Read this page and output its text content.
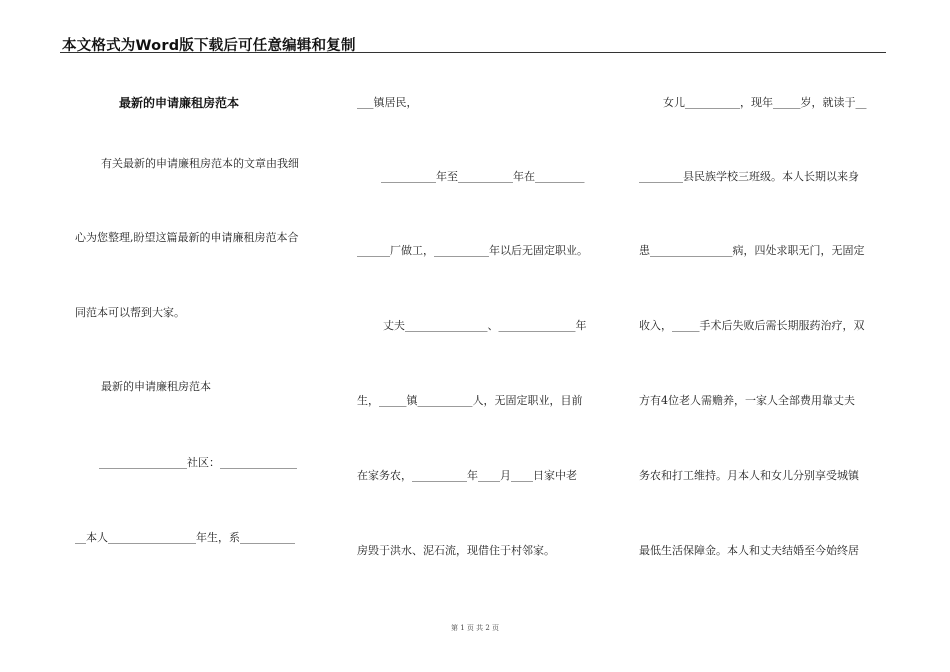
本文格式为Word版下载后可任意编辑和复制
最新的申请廉租房范本
有关最新的申请廉租房范本的文章由我细
心为您整理,盼望这篇最新的申请廉租房范本合
同范本可以帮到大家。
最新的申请廉租房范本
________________社区：______________
__本人________________年生，系__________
___镇居民，
__________年至__________年在_________
______厂做工，__________年以后无固定职业。
丈夫_______________、______________年
生，_____镇__________人，无固定职业，目前
在家务农，__________年____月____日家中老
房毁于洪水、泥石流，现借住于村邻家。
女儿__________，现年_____岁，就读于__
________县民族学校三班级。本人长期以来身
患_______________病，四处求职无门，无固定
收入，_____手术后失败后需长期服药治疗，双
方有4位老人需赡养，一家人全部费用靠丈夫
务农和打工维持。月本人和女儿分别享受城镇
最低生活保障金。本人和丈夫结婚至今始终居
第 1 页 共 2 页
